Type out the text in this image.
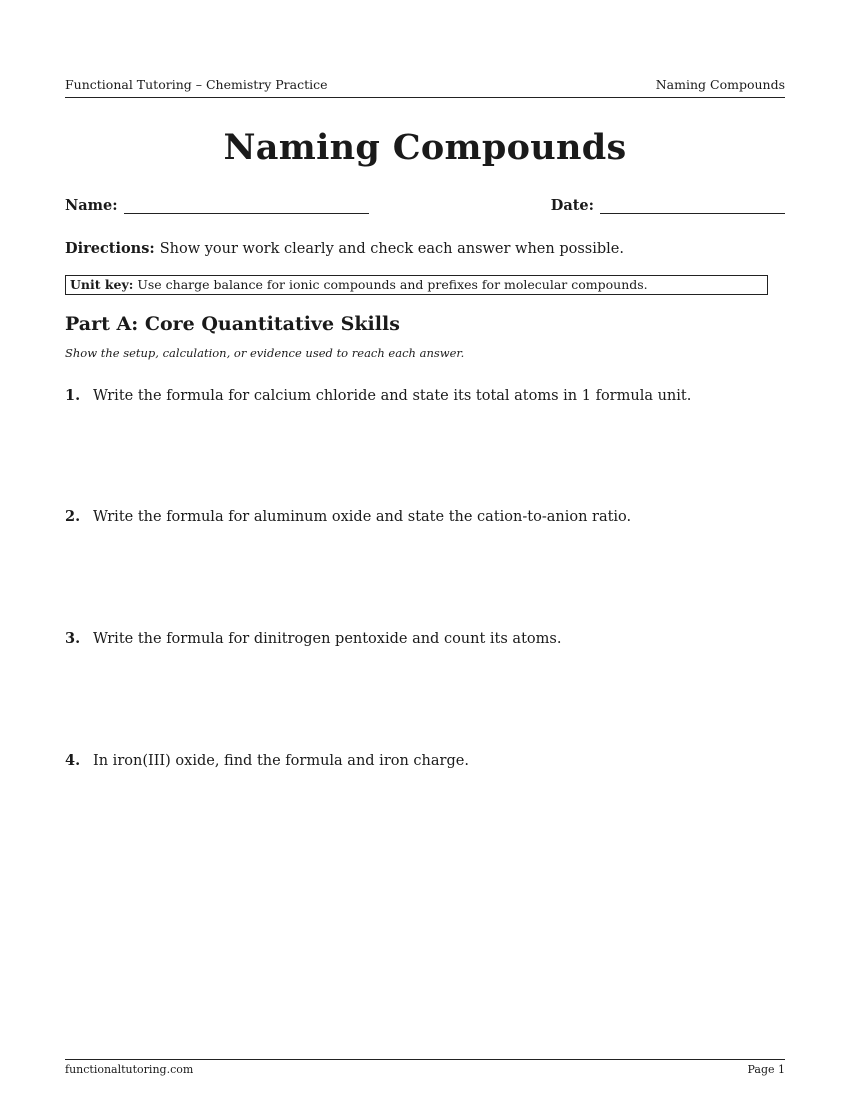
Functional Tutoring – Chemistry Practice	Naming Compounds
Naming Compounds
Name:	Date:
Directions: Show your work clearly and check each answer when possible.
Unit key: Use charge balance for ionic compounds and prefixes for molecular compounds.
Part A: Core Quantitative Skills
Show the setup, calculation, or evidence used to reach each answer.
1. Write the formula for calcium chloride and state its total atoms in 1 formula unit.
2. Write the formula for aluminum oxide and state the cation-to-anion ratio.
3. Write the formula for dinitrogen pentoxide and count its atoms.
4. In iron(III) oxide, find the formula and iron charge.
functionaltutoring.com	Page 1
